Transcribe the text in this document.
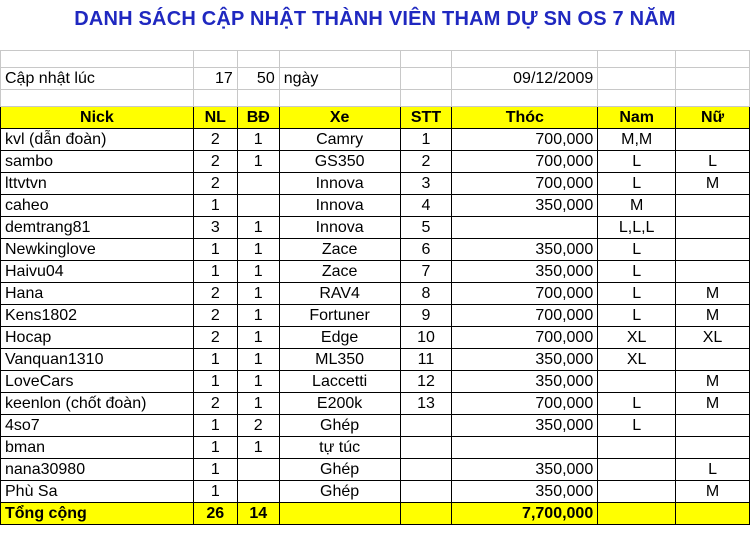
DANH SÁCH CẬP NHẬT THÀNH VIÊN THAM DỰ SN OS 7 NĂM

Cập nhật lúc	17	50	ngày		09/12/2009		

Nick	NL	BĐ	Xe	STT	Thóc	Nam	Nữ
kvl (dẫn đoàn)	2	1	Camry	1	700,000	M,M	
sambo	2	1	GS350	2	700,000	L	L
lttvtvn	2		Innova	3	700,000	L	M
caheo	1		Innova	4	350,000	M	
demtrang81	3	1	Innova	5		L,L,L	
Newkinglove	1	1	Zace	6	350,000	L	
Haivu04	1	1	Zace	7	350,000	L	
Hana	2	1	RAV4	8	700,000	L	M
Kens1802	2	1	Fortuner	9	700,000	L	M
Hocap	2	1	Edge	10	700,000	XL	XL
Vanquan1310	1	1	ML350	11	350,000	XL	
LoveCars	1	1	Laccetti	12	350,000		M
keenlon (chốt đoàn)	2	1	E200k	13	700,000	L	M
4so7	1	2	Ghép		350,000	L	
bman	1	1	tự túc				
nana30980	1		Ghép		350,000		L
Phù Sa	1		Ghép		350,000		M
Tổng cộng	26	14			7,700,000		
